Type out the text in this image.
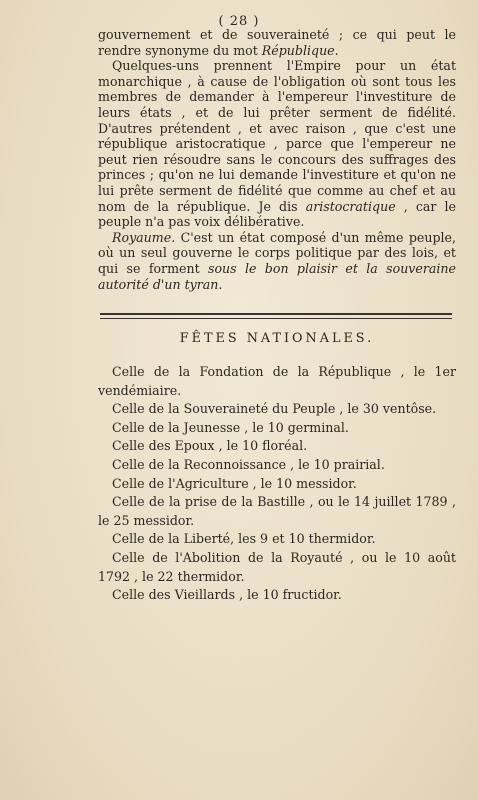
( 28 )

gouvernement et de souveraineté ; ce qui peut le rendre synonyme du mot République.

Quelques-uns prennent l'Empire pour un état monarchique , à cause de l'obligation où sont tous les membres de demander à l'empereur l'investiture de leurs états , et de lui prêter serment de fidélité. D'autres prétendent , et avec raison , que c'est une république aristocratique , parce que l'empereur ne peut rien résoudre sans le concours des suffrages des princes ; qu'on ne lui demande l'investiture et qu'on ne lui prête serment de fidélité que comme au chef et au nom de la république. Je dis aristocratique , car le peuple n'a pas voix délibérative.

Royaume. C'est un état composé d'un même peuple, où un seul gouverne le corps politique par des lois, et qui se forment sous le bon plaisir et la souveraine autorité d'un tyran.

FÊTES NATIONALES.

Celle de la Fondation de la République , le 1er vendémiaire.

Celle de la Souveraineté du Peuple , le 30 ventôse.

Celle de la Jeunesse , le 10 germinal.

Celle des Epoux , le 10 floréal.

Celle de la Reconnoissance , le 10 prairial.

Celle de l'Agriculture , le 10 messidor.

Celle de la prise de la Bastille , ou le 14 juillet 1789 , le 25 messidor.

Celle de la Liberté, les 9 et 10 thermidor.

Celle de l'Abolition de la Royauté , ou le 10 août 1792 , le 22 thermidor.

Celle des Vieillards , le 10 fructidor.
